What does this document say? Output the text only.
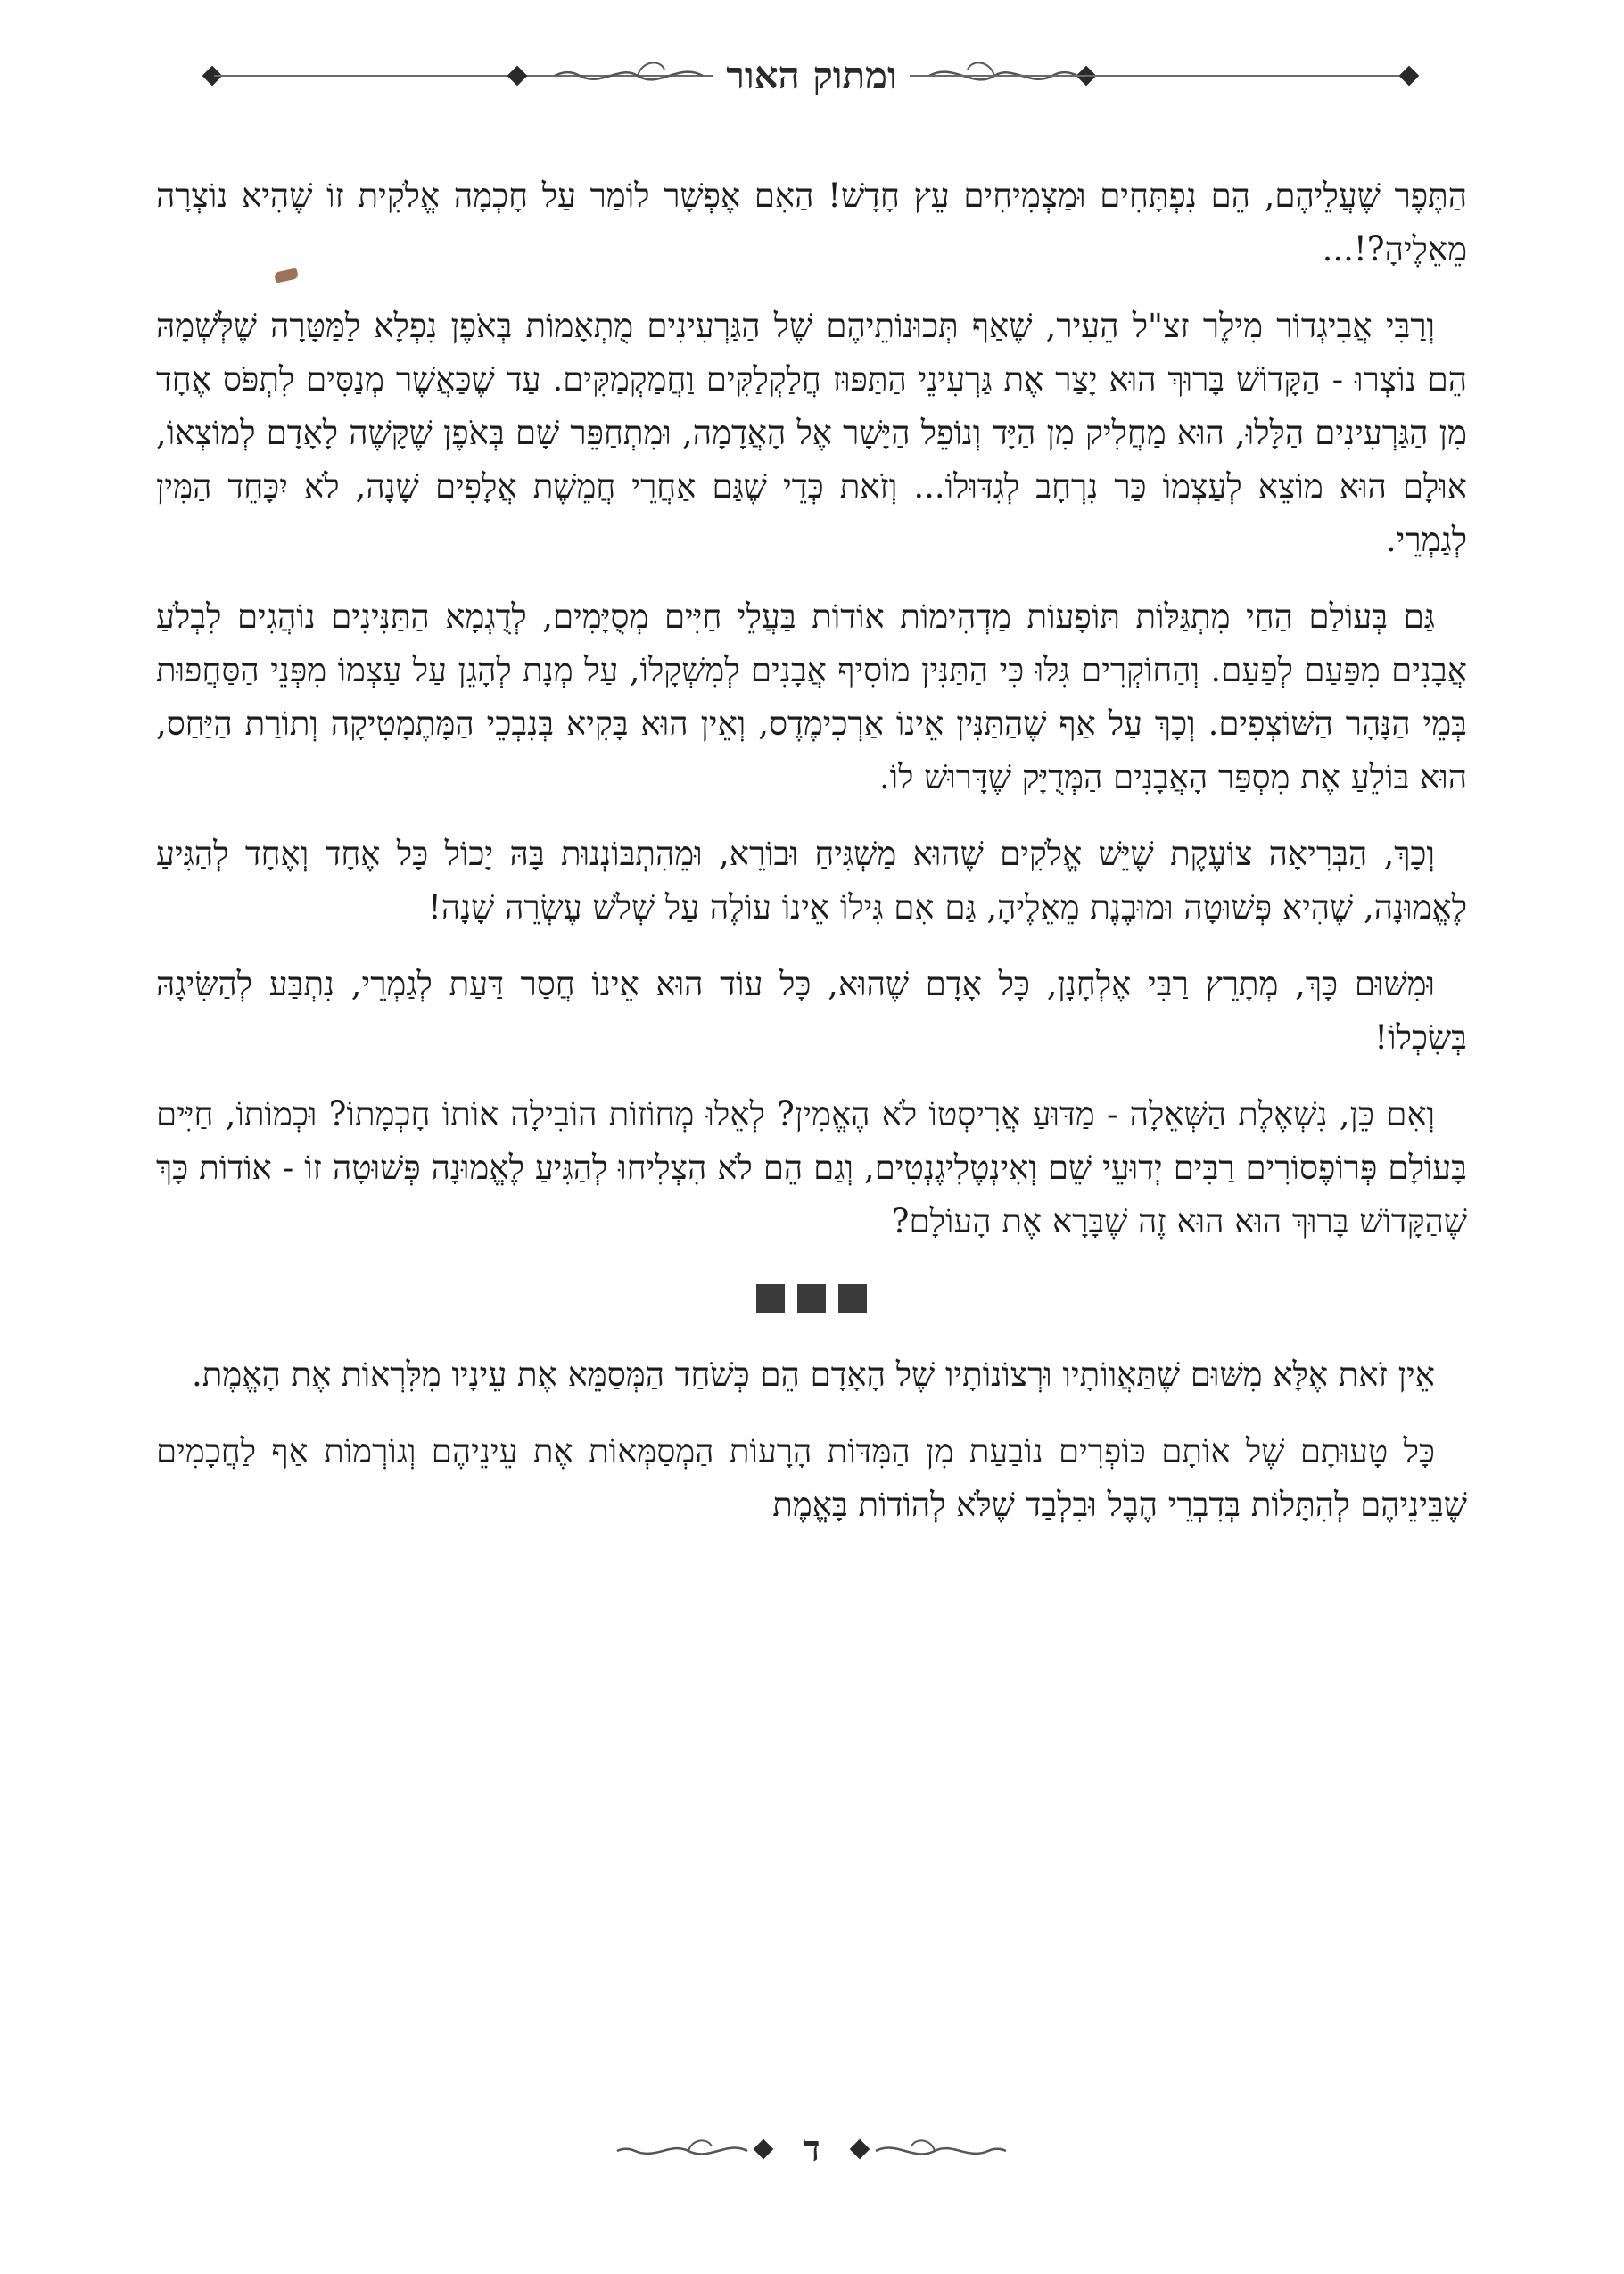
ומתוק האור

הַתֶּפֶר שֶׁעֲלֵיהֶם, הֵם נִפְתָּחִים וּמַצְמִיחִים עֵץ חָדָשׁ! הַאִם אֶפְשָׁר לוֹמַר עַל חָכְמָה אֱלֹקִית זוֹ שֶׁהִיא נוֹצְרָה מֵאֵלֶיהָ?!...

וְרַבִּי אֲבִיגְדוֹר מִילֶר זצ"ל הֵעִיר, שֶׁאַף תְּכוּנוֹתֵיהֶם שֶׁל הַגַּרְעִינִים מֻתְאָמוֹת בְּאֹפֶן נִפְלָא לַמַּטָּרָה שֶׁלְּשְׁמָהּ הֵם נוֹצְרוּ - הַקָּדוֹשׁ בָּרוּךְ הוּא יָצַר אֶת גַּרְעִינֵי הַתַּפּוּז חֲלַקְלַקִּים וַחֲמַקְמַקִּים. עַד שֶׁכַּאֲשֶׁר מְנַסִּים לִתְפֹּס אֶחָד מִן הַגַּרְעִינִים הַלָּלוּ, הוּא מַחֲלִיק מִן הַיָּד וְנוֹפֵל הַיָּשָׁר אֶל הָאֲדָמָה, וּמִתְחַפֵּר שָׁם בְּאֹפֶן שֶׁקָּשֶׁה לָאָדָם לְמוֹצְאוֹ, אוּלָם הוּא מוֹצֵא לְעַצְמוֹ כַּר נִרְחָב לְגִדּוּלוֹ... וְזֹאת כְּדֵי שֶׁגַּם אַחֲרֵי חֲמֵשֶׁת אֲלָפִים שָׁנָה, לֹא יִכָּחֵד הַמִּין לְגַמְרֵי.

גַּם בְּעוֹלַם הַחַי מִתְגַּלּוֹת תּוֹפָעוֹת מַדְהִימוֹת אוֹדוֹת בַּעֲלֵי חַיִּים מְסֻיָּמִים, לְדֻגְמָא הַתַּנִּינִים נוֹהֲגִים לִבְלֹעַ אֲבָנִים מִפַּעַם לְפַעַם. וְהַחוֹקְרִים גִּלּוּ כִּי הַתַּנִּין מוֹסִיף אֲבָנִים לְמִשְׁקָלוֹ, עַל מְנָת לְהָגֵן עַל עַצְמוֹ מִפְּנֵי הַסַּחֲפוּת בְּמֵי הַנָּהָר הַשּׁוֹצְפִים. וְכָךְ עַל אַף שֶׁהַתַּנִּין אֵינוֹ אַרְכִימֶדֶס, וְאֵין הוּא בָּקִיא בְּנִבְכֵי הַמָּתֶמָטִיקָה וְתוֹרַת הַיַּחַס, הוּא בּוֹלֵעַ אֶת מִסְפַּר הָאֲבָנִים הַמְּדֻיָּק שֶׁדָּרוּשׁ לוֹ.

וְכָךְ, הַבְּרִיאָה צוֹעֶקֶת שֶׁיֵּשׁ אֱלֹקִים שֶׁהוּא מַשְׁגִּיחַ וּבוֹרֵא, וּמֵהִתְבּוֹנְנוּת בָּהּ יָכוֹל כָּל אֶחָד וְאֶחָד לְהַגִּיעַ לֶאֱמוּנָה, שֶׁהִיא פְּשׁוּטָה וּמוּבֶנֶת מֵאֵלֶיהָ, גַּם אִם גִּילוֹ אֵינוֹ עוֹלֶה עַל שְׁלֹשׁ עֶשְׂרֵה שָׁנָה!

וּמִשּׁוּם כָּךְ, מְתָרֵץ רַבִּי אֶלְחָנָן, כָּל אָדָם שֶׁהוּא, כָּל עוֹד הוּא אֵינוֹ חֲסַר דַּעַת לְגַמְרֵי, נִתְבַּע לְהַשִּׂיגָהּ בְּשִׂכְלוֹ!

וְאִם כֵּן, נִשְׁאֶלֶת הַשְּׁאֵלָה - מַדּוּעַ אֲרִיסְטוֹ לֹא הֶאֱמִין? לְאֵלוּ מְחוֹזוֹת הוֹבִילָה אוֹתוֹ חָכְמָתוֹ? וּכְמוֹתוֹ, חַיִּים בָּעוֹלָם פְּרוֹפֶסוֹרִים רַבִּים יְדוּעֵי שֵׁם וְאִינְטֶלִיגֶנְטִים, וְגַם הֵם לֹא הִצְלִיחוּ לְהַגִּיעַ לֶאֱמוּנָה פְּשׁוּטָה זוֹ - אוֹדוֹת כָּךְ שֶׁהַקָּדוֹשׁ בָּרוּךְ הוּא הוּא זֶה שֶׁבָּרָא אֶת הָעוֹלָם?

אֵין זֹאת אֶלָּא מִשּׁוּם שֶׁתַּאֲווֹתָיו וּרְצוֹנוֹתָיו שֶׁל הָאָדָם הֵם כְּשֹׁחַד הַמְּסַמֵּא אֶת עֵינָיו מִלִּרְאוֹת אֶת הָאֱמֶת.

כָּל טָעוּתָם שֶׁל אוֹתָם כּוֹפְרִים נוֹבַעַת מִן הַמִּדּוֹת הָרָעוֹת הַמְסַמְּאוֹת אֶת עֵינֵיהֶם וְגוֹרְמוֹת אַף לַחֲכָמִים שֶׁבֵּינֵיהֶם לְהִתָּלוֹת בְּדִבְרֵי הֶבֶל וּבִלְבַד שֶׁלֹּא לְהוֹדוֹת בָּאֱמֶת

ד
